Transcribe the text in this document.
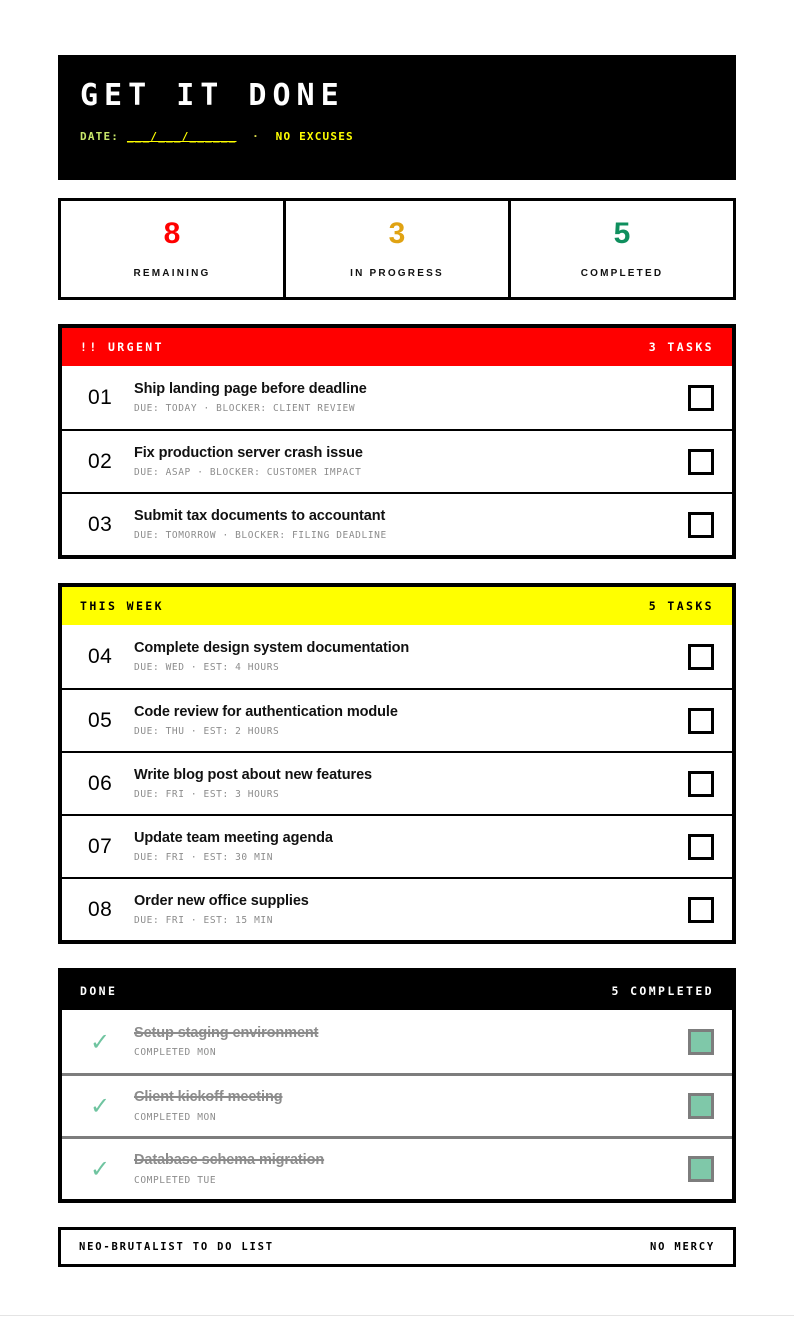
GET IT DONE
DATE: ___/___/______ · NO EXCUSES
8
REMAINING
3
IN PROGRESS
5
COMPLETED
!! URGENT	3 TASKS
01	Ship landing page before deadline
DUE: TODAY · BLOCKER: CLIENT REVIEW
02	Fix production server crash issue
DUE: ASAP · BLOCKER: CUSTOMER IMPACT
03	Submit tax documents to accountant
DUE: TOMORROW · BLOCKER: FILING DEADLINE
THIS WEEK	5 TASKS
04	Complete design system documentation
DUE: WED · EST: 4 HOURS
05	Code review for authentication module
DUE: THU · EST: 2 HOURS
06	Write blog post about new features
DUE: FRI · EST: 3 HOURS
07	Update team meeting agenda
DUE: FRI · EST: 30 MIN
08	Order new office supplies
DUE: FRI · EST: 15 MIN
DONE	5 COMPLETED
✓	Setup staging environment
COMPLETED MON
✓	Client kickoff meeting
COMPLETED MON
✓	Database schema migration
COMPLETED TUE
NEO-BRUTALIST TO DO LIST	NO MERCY
